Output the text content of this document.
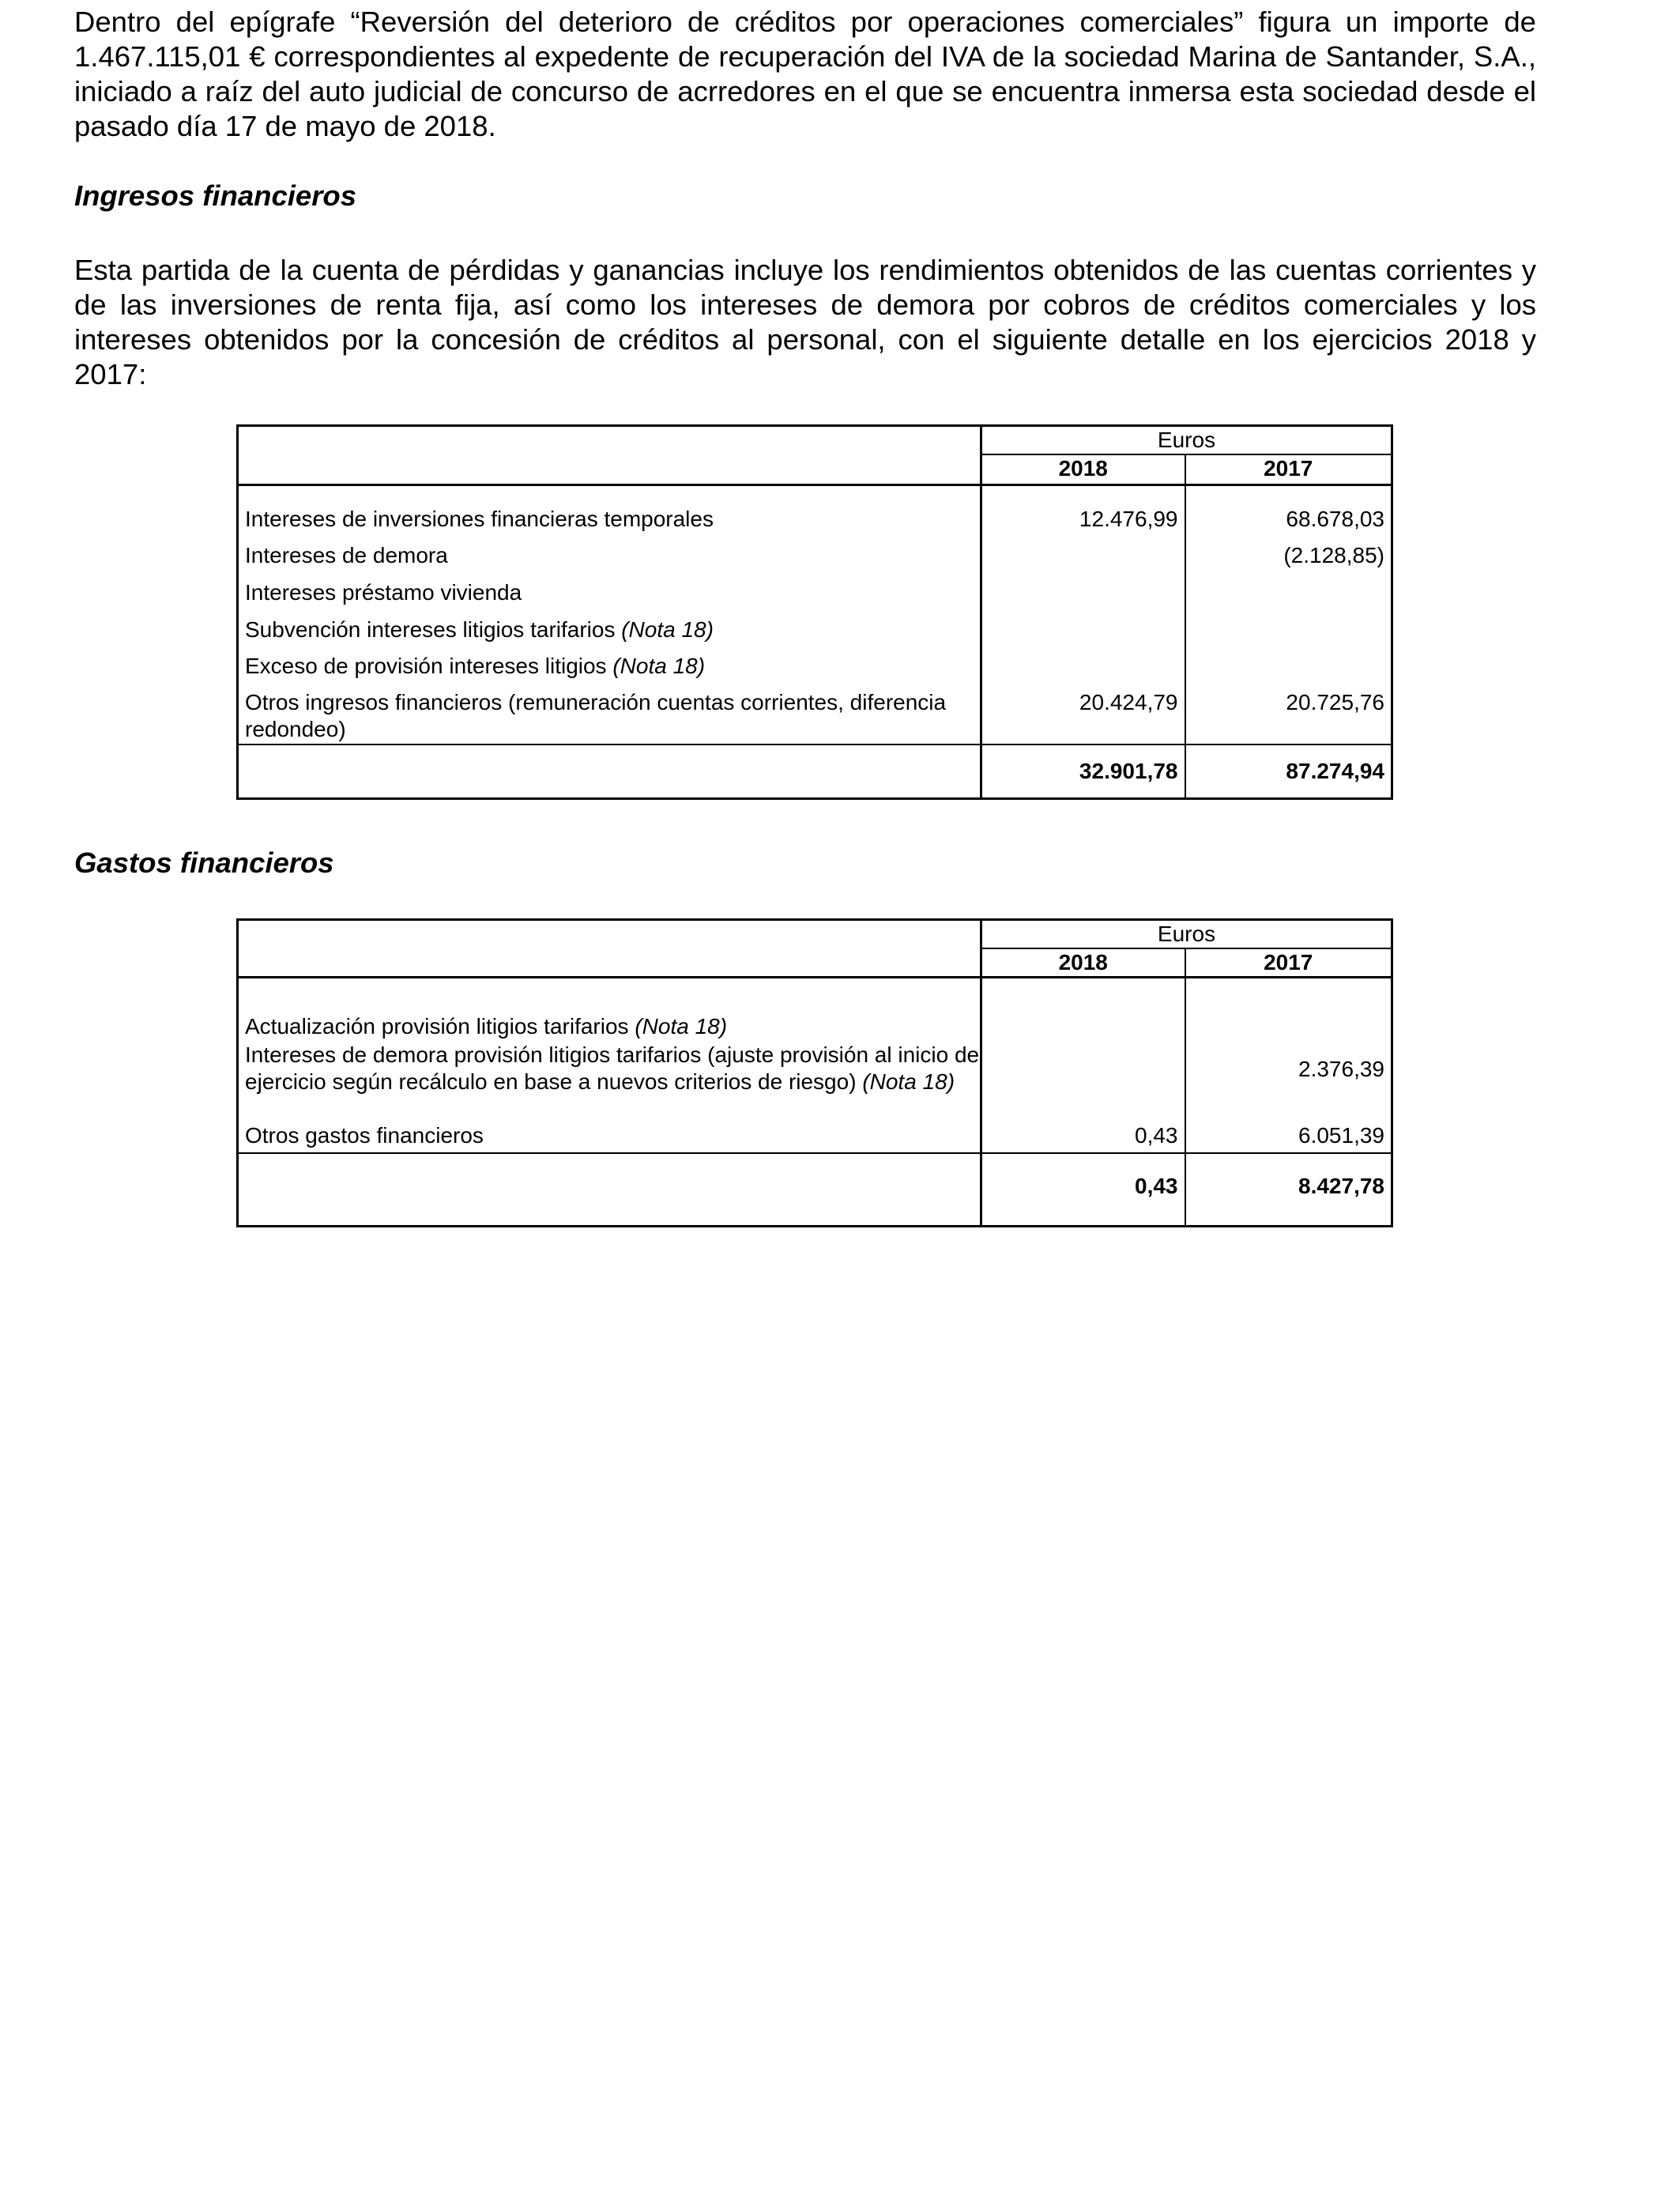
Dentro del epígrafe “Reversión del deterioro de créditos por operaciones comerciales” figura un importe de 1.467.115,01 € correspondientes al expedente de recuperación del IVA de la sociedad Marina de Santander, S.A., iniciado a raíz del auto judicial de concurso de acrredores en el que se encuentra inmersa esta sociedad desde el pasado día 17 de mayo de 2018.

Ingresos financieros

Esta partida de la cuenta de pérdidas y ganancias incluye los rendimientos obtenidos de las cuentas corrientes y de las inversiones de renta fija, así como los intereses de demora por cobros de créditos comerciales y los intereses obtenidos por la concesión de créditos al personal, con el siguiente detalle en los ejercicios 2018 y 2017:

	Euros	
	2018	2017

Intereses de inversiones financieras temporales	12.476,99	68.678,03
Intereses de demora		(2.128,85)
Intereses préstamo vivienda		
Subvención intereses litigios tarifarios (Nota 18)		
Exceso de provisión intereses litigios (Nota 18)		
Otros ingresos financieros (remuneración cuentas corrientes, diferencia redondeo)	20.424,79	20.725,76
	32.901,78	87.274,94
Gastos financieros
	Euros	
	2018	2017

Actualización provisión litigios tarifarios (Nota 18)		
Intereses de demora provisión litigios tarifarios (ajuste provisión al inicio de ejercicio según recálculo en base a nuevos criterios de riesgo) (Nota 18)		2.376,39
Otros gastos financieros	0,43	6.051,39
	0,43	8.427,78
